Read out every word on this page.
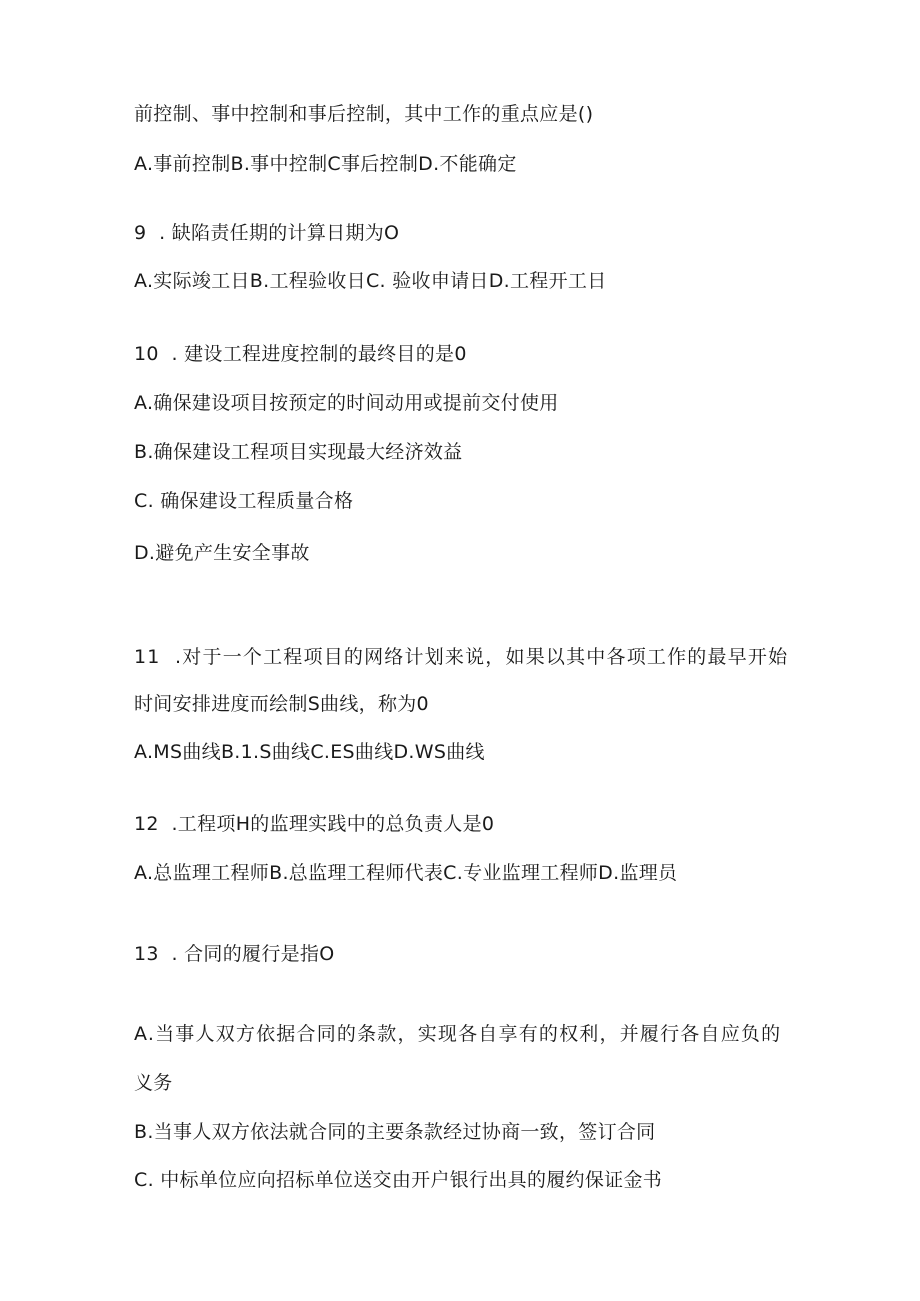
前控制、事中控制和事后控制，其中工作的重点应是()
A.事前控制B.事中控制C事后控制D.不能确定
9  . 缺陷责任期的计算日期为O
A.实际竣工日B.工程验收日C. 验收申请日D.工程开工日
10  . 建设工程进度控制的最终目的是0
A.确保建设项目按预定的时间动用或提前交付使用
B.确保建设工程项目实现最大经济效益
C. 确保建设工程质量合格
D.避免产生安全事故
11  .对于一个工程项目的网络计划来说，如果以其中各项工作的最早开始
时间安排进度而绘制S曲线，称为0
A.MS曲线B.1.S曲线C.ES曲线D.WS曲线
12  .工程项H的监理实践中的总负责人是0
A.总监理工程师B.总监理工程师代表C.专业监理工程师D.监理员
13  . 合同的履行是指O
A.当事人双方依据合同的条款，实现各自享有的权利，并履行各自应负的
义务
B.当事人双方依法就合同的主要条款经过协商一致，签订合同
C. 中标单位应向招标单位送交由开户银行出具的履约保证金书
